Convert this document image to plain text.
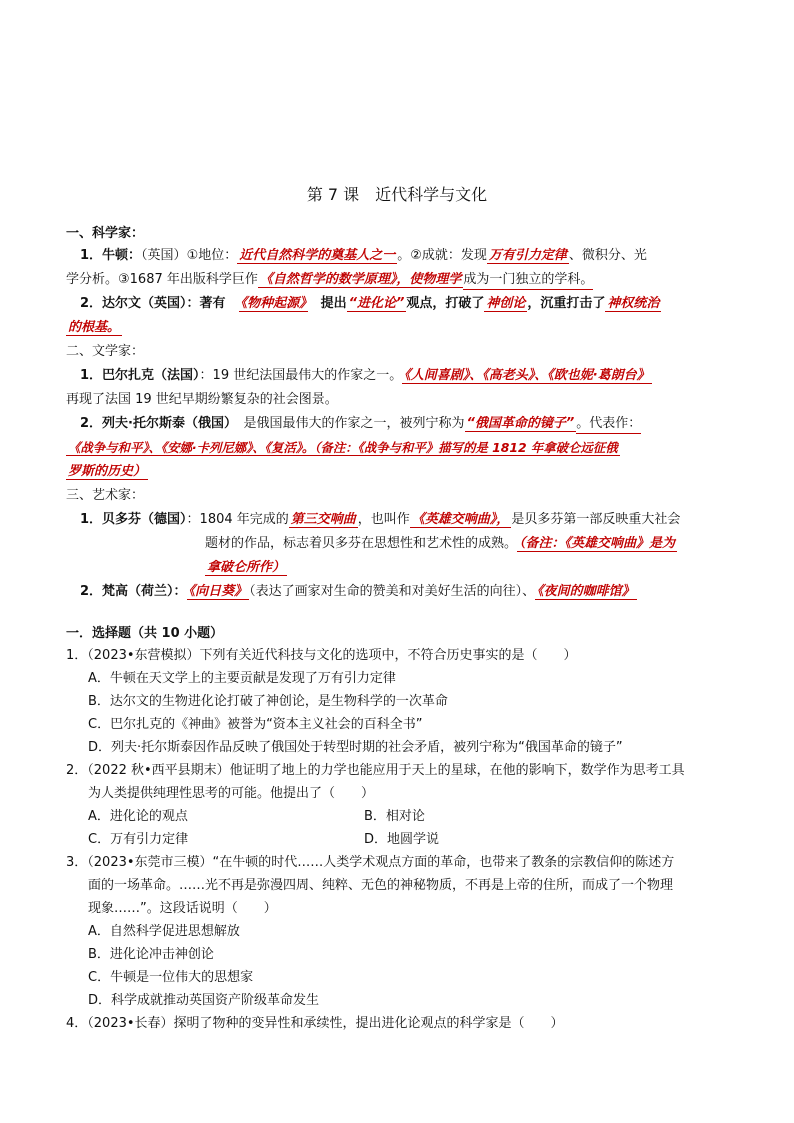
第 7 课　近代科学与文化
一、科学家：
1．牛顿：（英国）①地位： 近代自然科学的奠基人之一 。②成就：发现 万有引力定律 、微积分、光
学分析。③1687 年出版科学巨作 《自然哲学的数学原理》，使物理学 成为一门独立的学科。
2．达尔文（英国）：著有　 《物种起源》　 提出 “进化论” 观点，打破了 神创论 ，沉重打击了 神权统治
的根基。
二、文学家：
1．巴尔扎克（法国）：19 世纪法国最伟大的作家之一。 《人间喜剧》、《高老头》、《欧也妮·葛朗台》
再现了法国 19 世纪早期纷繁复杂的社会图景。
2．列夫·托尔斯泰（俄国）　 是俄国最伟大的作家之一，被列宁称为 “俄国革命的镜子” 。代表作：
《战争与和平》、《安娜·卡列尼娜》、《复活》。（备注：《战争与和平》描写的是 1812 年拿破仑远征俄
罗斯的历史）
三、艺术家：
1．贝多芬（德国）：1804 年完成的 第三交响曲 ，也叫作 《英雄交响曲》， 是贝多芬第一部反映重大社会
题材的作品，标志着贝多芬在思想性和艺术性的成熟。 （备注：《英雄交响曲》是为
拿破仑所作）
2．梵高（荷兰）： 《向日葵》 （表达了画家对生命的赞美和对美好生活的向往）、 《夜间的咖啡馆》
一．选择题（共 10 小题）
1．（2023•东营模拟）下列有关近代科技与文化的选项中，不符合历史事实的是（　　）
A．牛顿在天文学上的主要贡献是发现了万有引力定律
B．达尔文的生物进化论打破了神创论，是生物科学的一次革命
C．巴尔扎克的《神曲》被誉为“资本主义社会的百科全书”
D．列夫·托尔斯泰因作品反映了俄国处于转型时期的社会矛盾，被列宁称为“俄国革命的镜子”
2．（2022 秋•西平县期末）他证明了地上的力学也能应用于天上的星球，在他的影响下，数学作为思考工具
为人类提供纯理性思考的可能。他提出了（　　）
A．进化论的观点	B．相对论
C．万有引力定律	D．地圆学说
3．（2023•东莞市三模）“在牛顿的时代……人类学术观点方面的革命，也带来了教条的宗教信仰的陈述方
面的一场革命。……光不再是弥漫四周、纯粹、无色的神秘物质，不再是上帝的住所，而成了一个物理
现象……”。这段话说明（　　）
A．自然科学促进思想解放
B．进化论冲击神创论
C．牛顿是一位伟大的思想家
D．科学成就推动英国资产阶级革命发生
4．（2023•长春）探明了物种的变异性和承续性，提出进化论观点的科学家是（　　）
